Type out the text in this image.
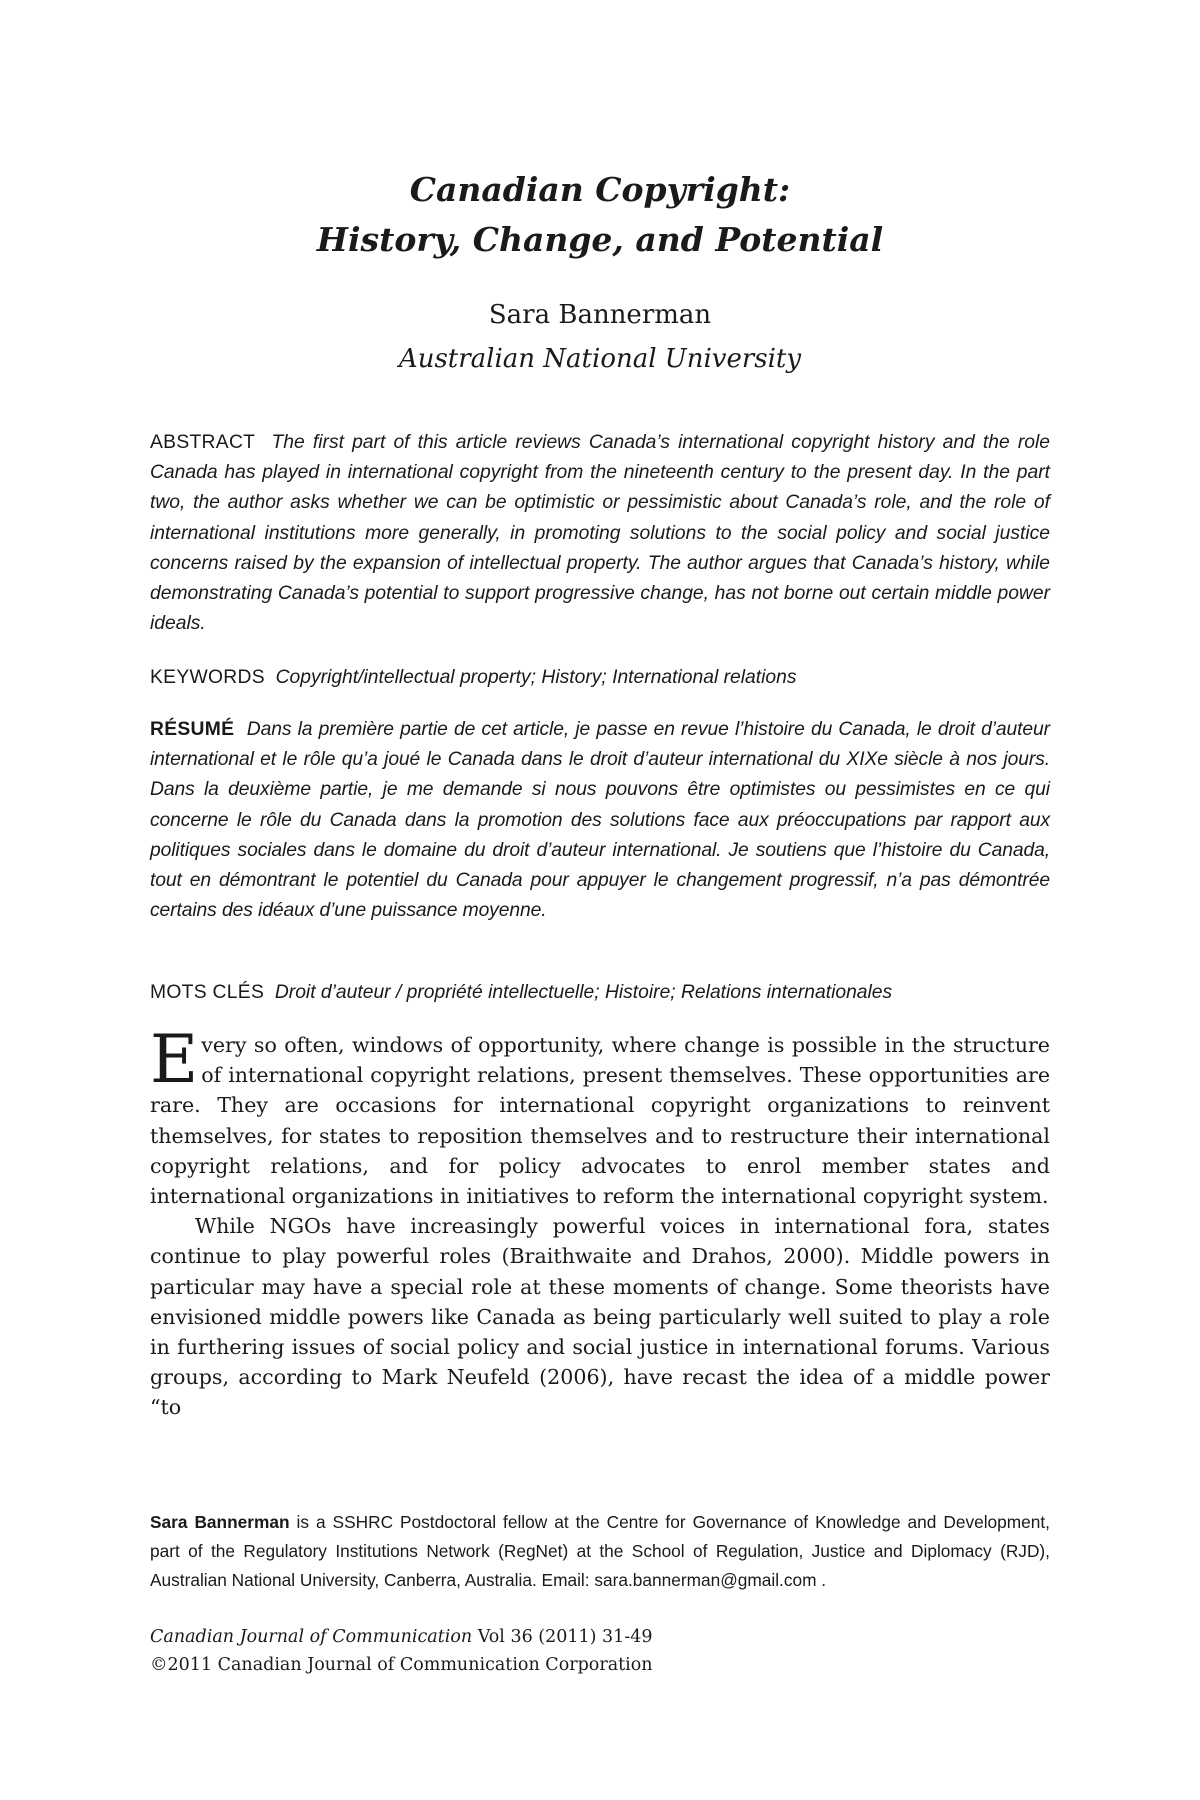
Canadian Copyright:
History, Change, and Potential
Sara Bannerman
Australian National University

ABSTRACT The first part of this article reviews Canada’s international copyright history and the role Canada has played in international copyright from the nineteenth century to the present day. In the part two, the author asks whether we can be optimistic or pessimistic about Canada’s role, and the role of international institutions more generally, in promoting solutions to the social policy and social justice concerns raised by the expansion of intellectual property. The author argues that Canada’s history, while demonstrating Canada’s potential to support progressive change, has not borne out certain middle power ideals.

KEYWORDS Copyright/intellectual property; History; International relations

RÉSUMÉ Dans la première partie de cet article, je passe en revue l’histoire du Canada, le droit d’auteur international et le rôle qu’a joué le Canada dans le droit d’auteur international du XIXe siècle à nos jours. Dans la deuxième partie, je me demande si nous pouvons être optimistes ou pessimistes en ce qui concerne le rôle du Canada dans la promotion des solutions face aux préoccupations par rapport aux politiques sociales dans le domaine du droit d’auteur international. Je soutiens que l’histoire du Canada, tout en démontrant le potentiel du Canada pour appuyer le changement progressif, n’a pas démontrée certains des idéaux d’une puissance moyenne.

MOTS CLÉS Droit d’auteur / propriété intellectuelle; Histoire; Relations internationales

Every so often, windows of opportunity, where change is possible in the structure of international copyright relations, present themselves. These opportunities are rare. They are occasions for international copyright organizations to reinvent themselves, for states to reposition themselves and to restructure their international copyright relations, and for policy advocates to enrol member states and international organizations in initiatives to reform the international copyright system.

While NGOs have increasingly powerful voices in international fora, states continue to play powerful roles (Braithwaite and Drahos, 2000). Middle powers in particular may have a special role at these moments of change. Some theorists have envisioned middle powers like Canada as being particularly well suited to play a role in furthering issues of social policy and social justice in international forums. Various groups, according to Mark Neufeld (2006), have recast the idea of a middle power “to

Sara Bannerman is a SSHRC Postdoctoral fellow at the Centre for Governance of Knowledge and Development, part of the Regulatory Institutions Network (RegNet) at the School of Regulation, Justice and Diplomacy (RJD), Australian National University, Canberra, Australia. Email: sara.bannerman@gmail.com .

Canadian Journal of Communication Vol 36 (2011) 31-49
©2011 Canadian Journal of Communication Corporation
